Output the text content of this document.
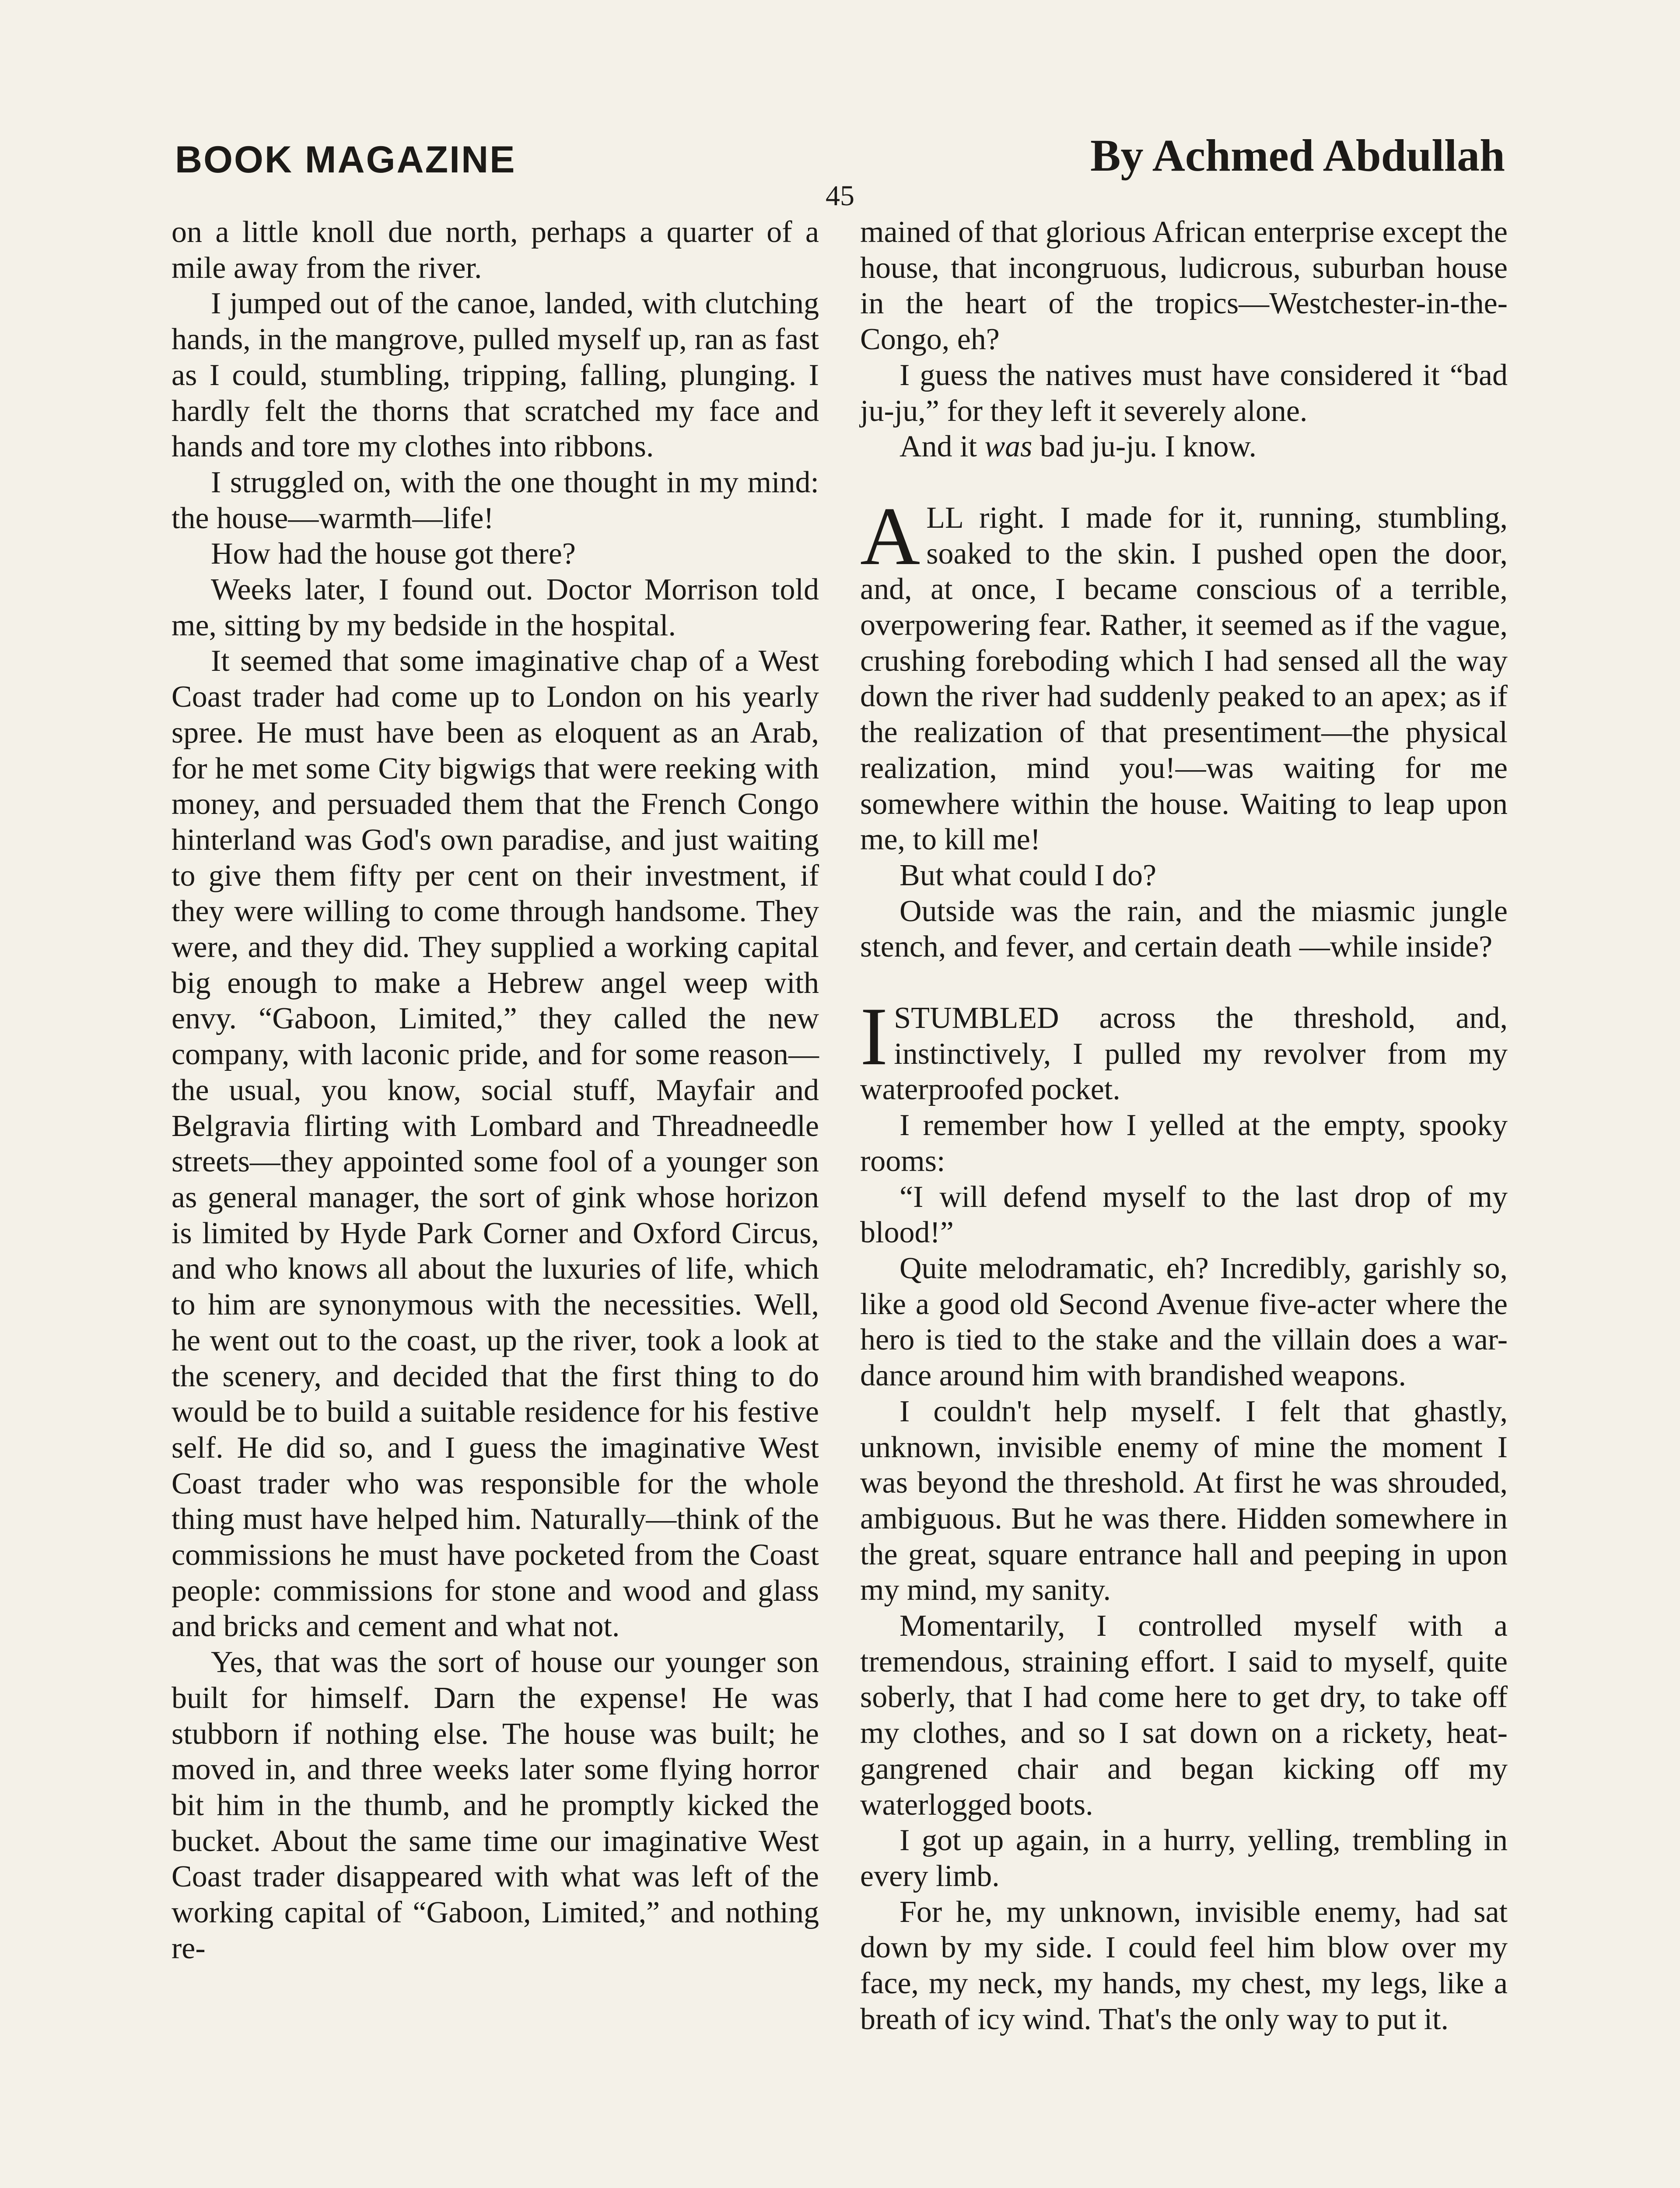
BOOK MAGAZINE	By Achmed Abdullah
45

on a little knoll due north, perhaps a quarter of a mile away from the river.

I jumped out of the canoe, landed, with clutching hands, in the mangrove, pulled myself up, ran as fast as I could, stumbling, tripping, falling, plunging. I hardly felt the thorns that scratched my face and hands and tore my clothes into ribbons.

I struggled on, with the one thought in my mind: the house—warmth—life!

How had the house got there?

Weeks later, I found out. Doctor Morrison told me, sitting by my bedside in the hospital.

It seemed that some imaginative chap of a West Coast trader had come up to London on his yearly spree. He must have been as eloquent as an Arab, for he met some City bigwigs that were reeking with money, and persuaded them that the French Congo hinterland was God's own paradise, and just waiting to give them fifty per cent on their investment, if they were willing to come through handsome. They were, and they did. They supplied a working capital big enough to make a Hebrew angel weep with envy. “Gaboon, Limited,” they called the new company, with laconic pride, and for some reason—the usual, you know, social stuff, Mayfair and Belgravia flirting with Lombard and Threadneedle streets—they appointed some fool of a younger son as general manager, the sort of gink whose horizon is limited by Hyde Park Corner and Oxford Circus, and who knows all about the luxuries of life, which to him are synonymous with the necessities. Well, he went out to the coast, up the river, took a look at the scenery, and decided that the first thing to do would be to build a suitable residence for his festive self. He did so, and I guess the imaginative West Coast trader who was responsible for the whole thing must have helped him. Naturally—think of the commissions he must have pocketed from the Coast people: commissions for stone and wood and glass and bricks and cement and what not.

Yes, that was the sort of house our younger son built for himself. Darn the expense! He was stubborn if nothing else. The house was built; he moved in, and three weeks later some flying horror bit him in the thumb, and he promptly kicked the bucket. About the same time our imaginative West Coast trader disappeared with what was left of the working capital of “Gaboon, Limited,” and nothing re-

mained of that glorious African enterprise except the house, that incongruous, ludicrous, suburban house in the heart of the tropics—Westchester-in-the-Congo, eh?

I guess the natives must have considered it “bad ju-ju,” for they left it severely alone.

And it was bad ju-ju. I know.

ALL right. I made for it, running, stumbling, soaked to the skin. I pushed open the door, and, at once, I became conscious of a terrible, overpowering fear. Rather, it seemed as if the vague, crushing foreboding which I had sensed all the way down the river had suddenly peaked to an apex; as if the realization of that presentiment—the physical realization, mind you!—was waiting for me somewhere within the house. Waiting to leap upon me, to kill me!

But what could I do?

Outside was the rain, and the miasmic jungle stench, and fever, and certain death —while inside?

ISTUMBLED across the threshold, and, instinctively, I pulled my revolver from my waterproofed pocket.

I remember how I yelled at the empty, spooky rooms:

“I will defend myself to the last drop of my blood!”

Quite melodramatic, eh? Incredibly, garishly so, like a good old Second Avenue five-acter where the hero is tied to the stake and the villain does a war-dance around him with brandished weapons.

I couldn't help myself. I felt that ghastly, unknown, invisible enemy of mine the moment I was beyond the threshold. At first he was shrouded, ambiguous. But he was there. Hidden somewhere in the great, square entrance hall and peeping in upon my mind, my sanity.

Momentarily, I controlled myself with a tremendous, straining effort. I said to myself, quite soberly, that I had come here to get dry, to take off my clothes, and so I sat down on a rickety, heat-gangrened chair and began kicking off my waterlogged boots.

I got up again, in a hurry, yelling, trembling in every limb.

For he, my unknown, invisible enemy, had sat down by my side. I could feel him blow over my face, my neck, my hands, my chest, my legs, like a breath of icy wind. That's the only way to put it.
